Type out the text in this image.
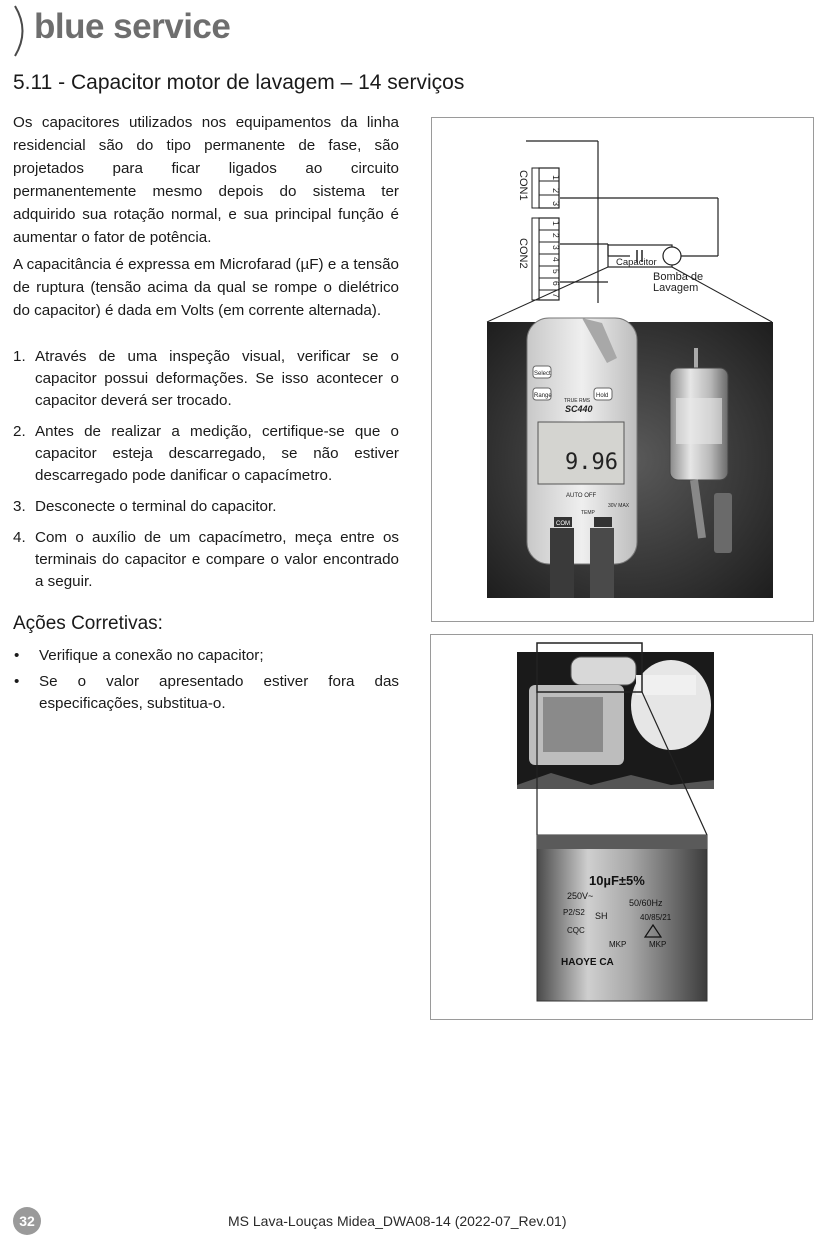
blue service
5.11 - Capacitor motor de lavagem – 14 serviços

Os capacitores utilizados nos equipamentos da linha residencial são do tipo permanente de fase, são projetados para ficar ligados ao circuito permanentemente mesmo depois do sistema ter adquirido sua rotação normal, e sua principal função é aumentar o fator de potência.

A capacitância é expressa em Microfarad (µF) e a tensão de ruptura (tensão acima da qual se rompe o dielétrico do capacitor) é dada em Volts (em corrente alternada).

1. Através de uma inspeção visual, verificar se o capacitor possui deformações. Se isso acontecer o capacitor deverá ser trocado.
2. Antes de realizar a medição, certifique-se que o capacitor esteja descarregado, se não estiver descarregado pode danificar o capacímetro.
3. Desconecte o terminal do capacitor.
4. Com o auxílio de um capacímetro, meça entre os terminais do capacitor e compare o valor encontrado a seguir.
Ações Corretivas:
• Verifique a conexão no capacitor;
• Se o valor apresentado estiver fora das especificações, substitua-o.
1
2
3
CON1
1
2
3
4
5
6
7
CON2	Capacitor
Bomba de
Lavagem
Select
Range	Hold
TRUE RMS
SC440
9.96
AUTO OFF
30V MAX
TEMP
COM
10µF±5%
250V~
50/60Hz
P2/S2 SH	40/85/21
CQC
MKP	MKP
HAOYE CA
32	MS Lava-Louças Midea_DWA08-14 (2022-07_Rev.01)
